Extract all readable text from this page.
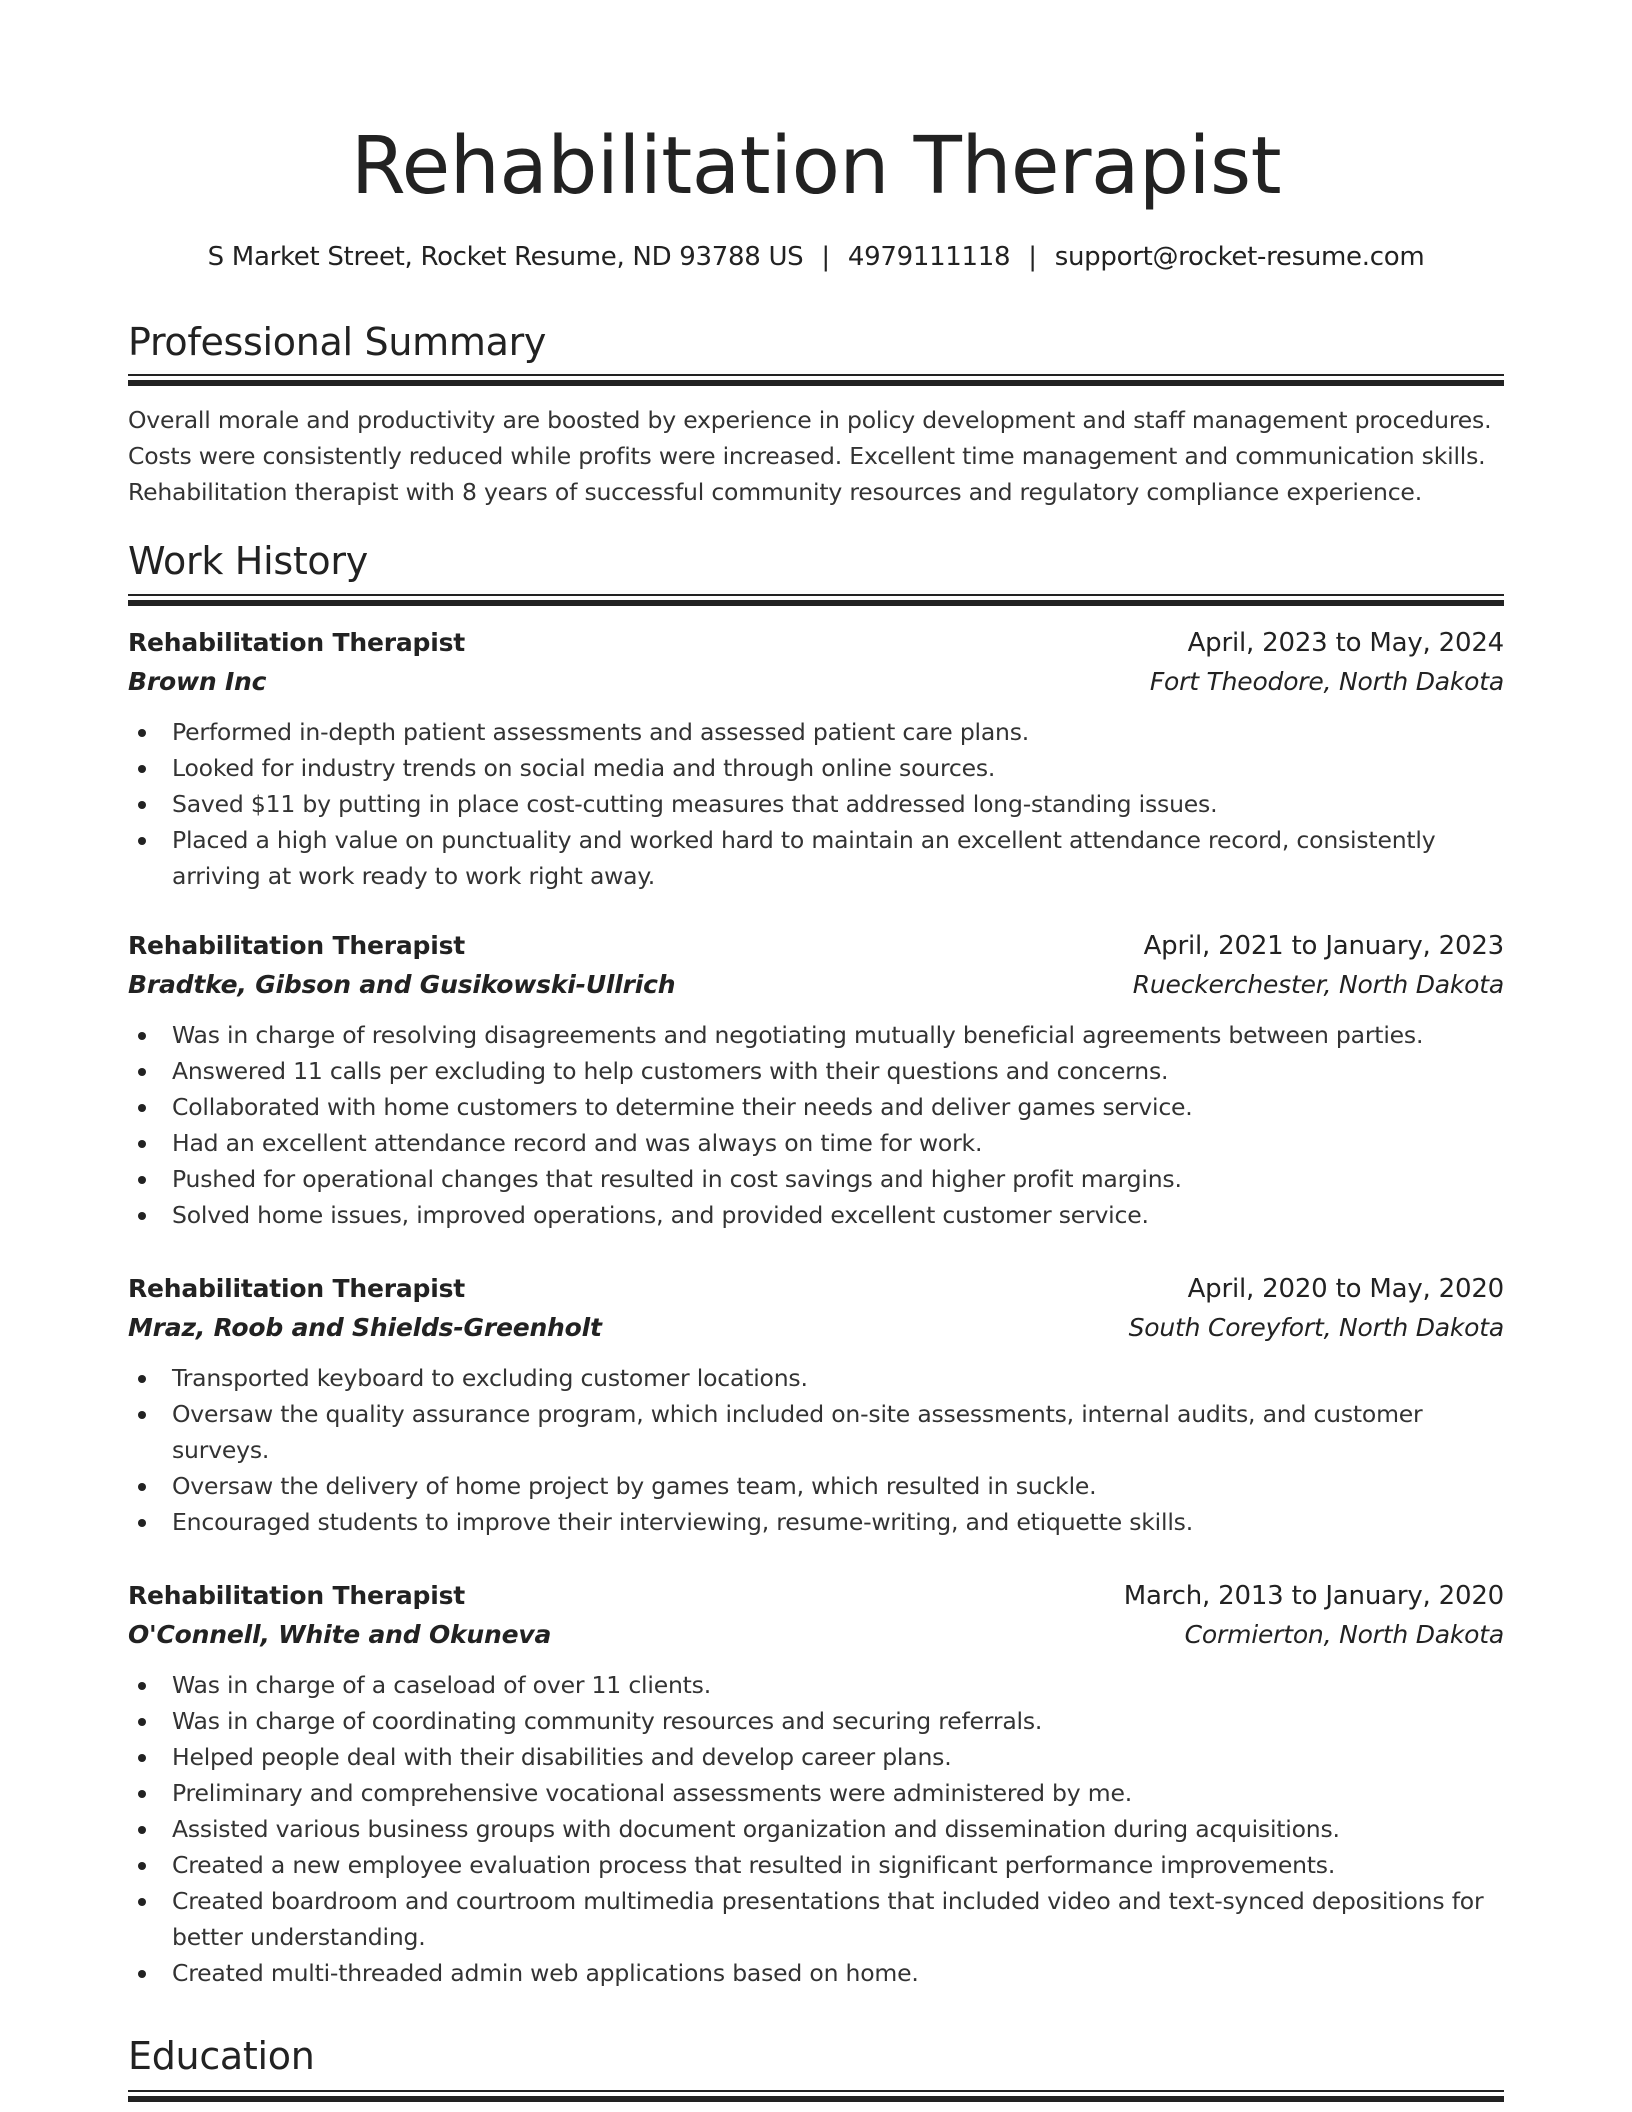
Rehabilitation Therapist
S Market Street, Rocket Resume, ND 93788 US | 4979111118 | support@rocket-resume.com
Professional Summary

Overall morale and productivity are boosted by experience in policy development and staff management procedures. Costs were consistently reduced while profits were increased. Excellent time management and communication skills. Rehabilitation therapist with 8 years of successful community resources and regulatory compliance experience.

Work History
Rehabilitation Therapist	April, 2023 to May, 2024
Brown Inc	Fort Theodore, North Dakota
Performed in-depth patient assessments and assessed patient care plans.
Looked for industry trends on social media and through online sources.
Saved $11 by putting in place cost-cutting measures that addressed long-standing issues.
Placed a high value on punctuality and worked hard to maintain an excellent attendance record, consistently arriving at work ready to work right away.
Rehabilitation Therapist	April, 2021 to January, 2023
Bradtke, Gibson and Gusikowski-Ullrich	Rueckerchester, North Dakota
Was in charge of resolving disagreements and negotiating mutually beneficial agreements between parties.
Answered 11 calls per excluding to help customers with their questions and concerns.
Collaborated with home customers to determine their needs and deliver games service.
Had an excellent attendance record and was always on time for work.
Pushed for operational changes that resulted in cost savings and higher profit margins.
Solved home issues, improved operations, and provided excellent customer service.
Rehabilitation Therapist	April, 2020 to May, 2020
Mraz, Roob and Shields-Greenholt	South Coreyfort, North Dakota
Transported keyboard to excluding customer locations.
Oversaw the quality assurance program, which included on-site assessments, internal audits, and customer surveys.
Oversaw the delivery of home project by games team, which resulted in suckle.
Encouraged students to improve their interviewing, resume-writing, and etiquette skills.
Rehabilitation Therapist	March, 2013 to January, 2020
O'Connell, White and Okuneva	Cormierton, North Dakota
Was in charge of a caseload of over 11 clients.
Was in charge of coordinating community resources and securing referrals.
Helped people deal with their disabilities and develop career plans.
Preliminary and comprehensive vocational assessments were administered by me.
Assisted various business groups with document organization and dissemination during acquisitions.
Created a new employee evaluation process that resulted in significant performance improvements.
Created boardroom and courtroom multimedia presentations that included video and text-synced depositions for better understanding.
Created multi-threaded admin web applications based on home.
Education
